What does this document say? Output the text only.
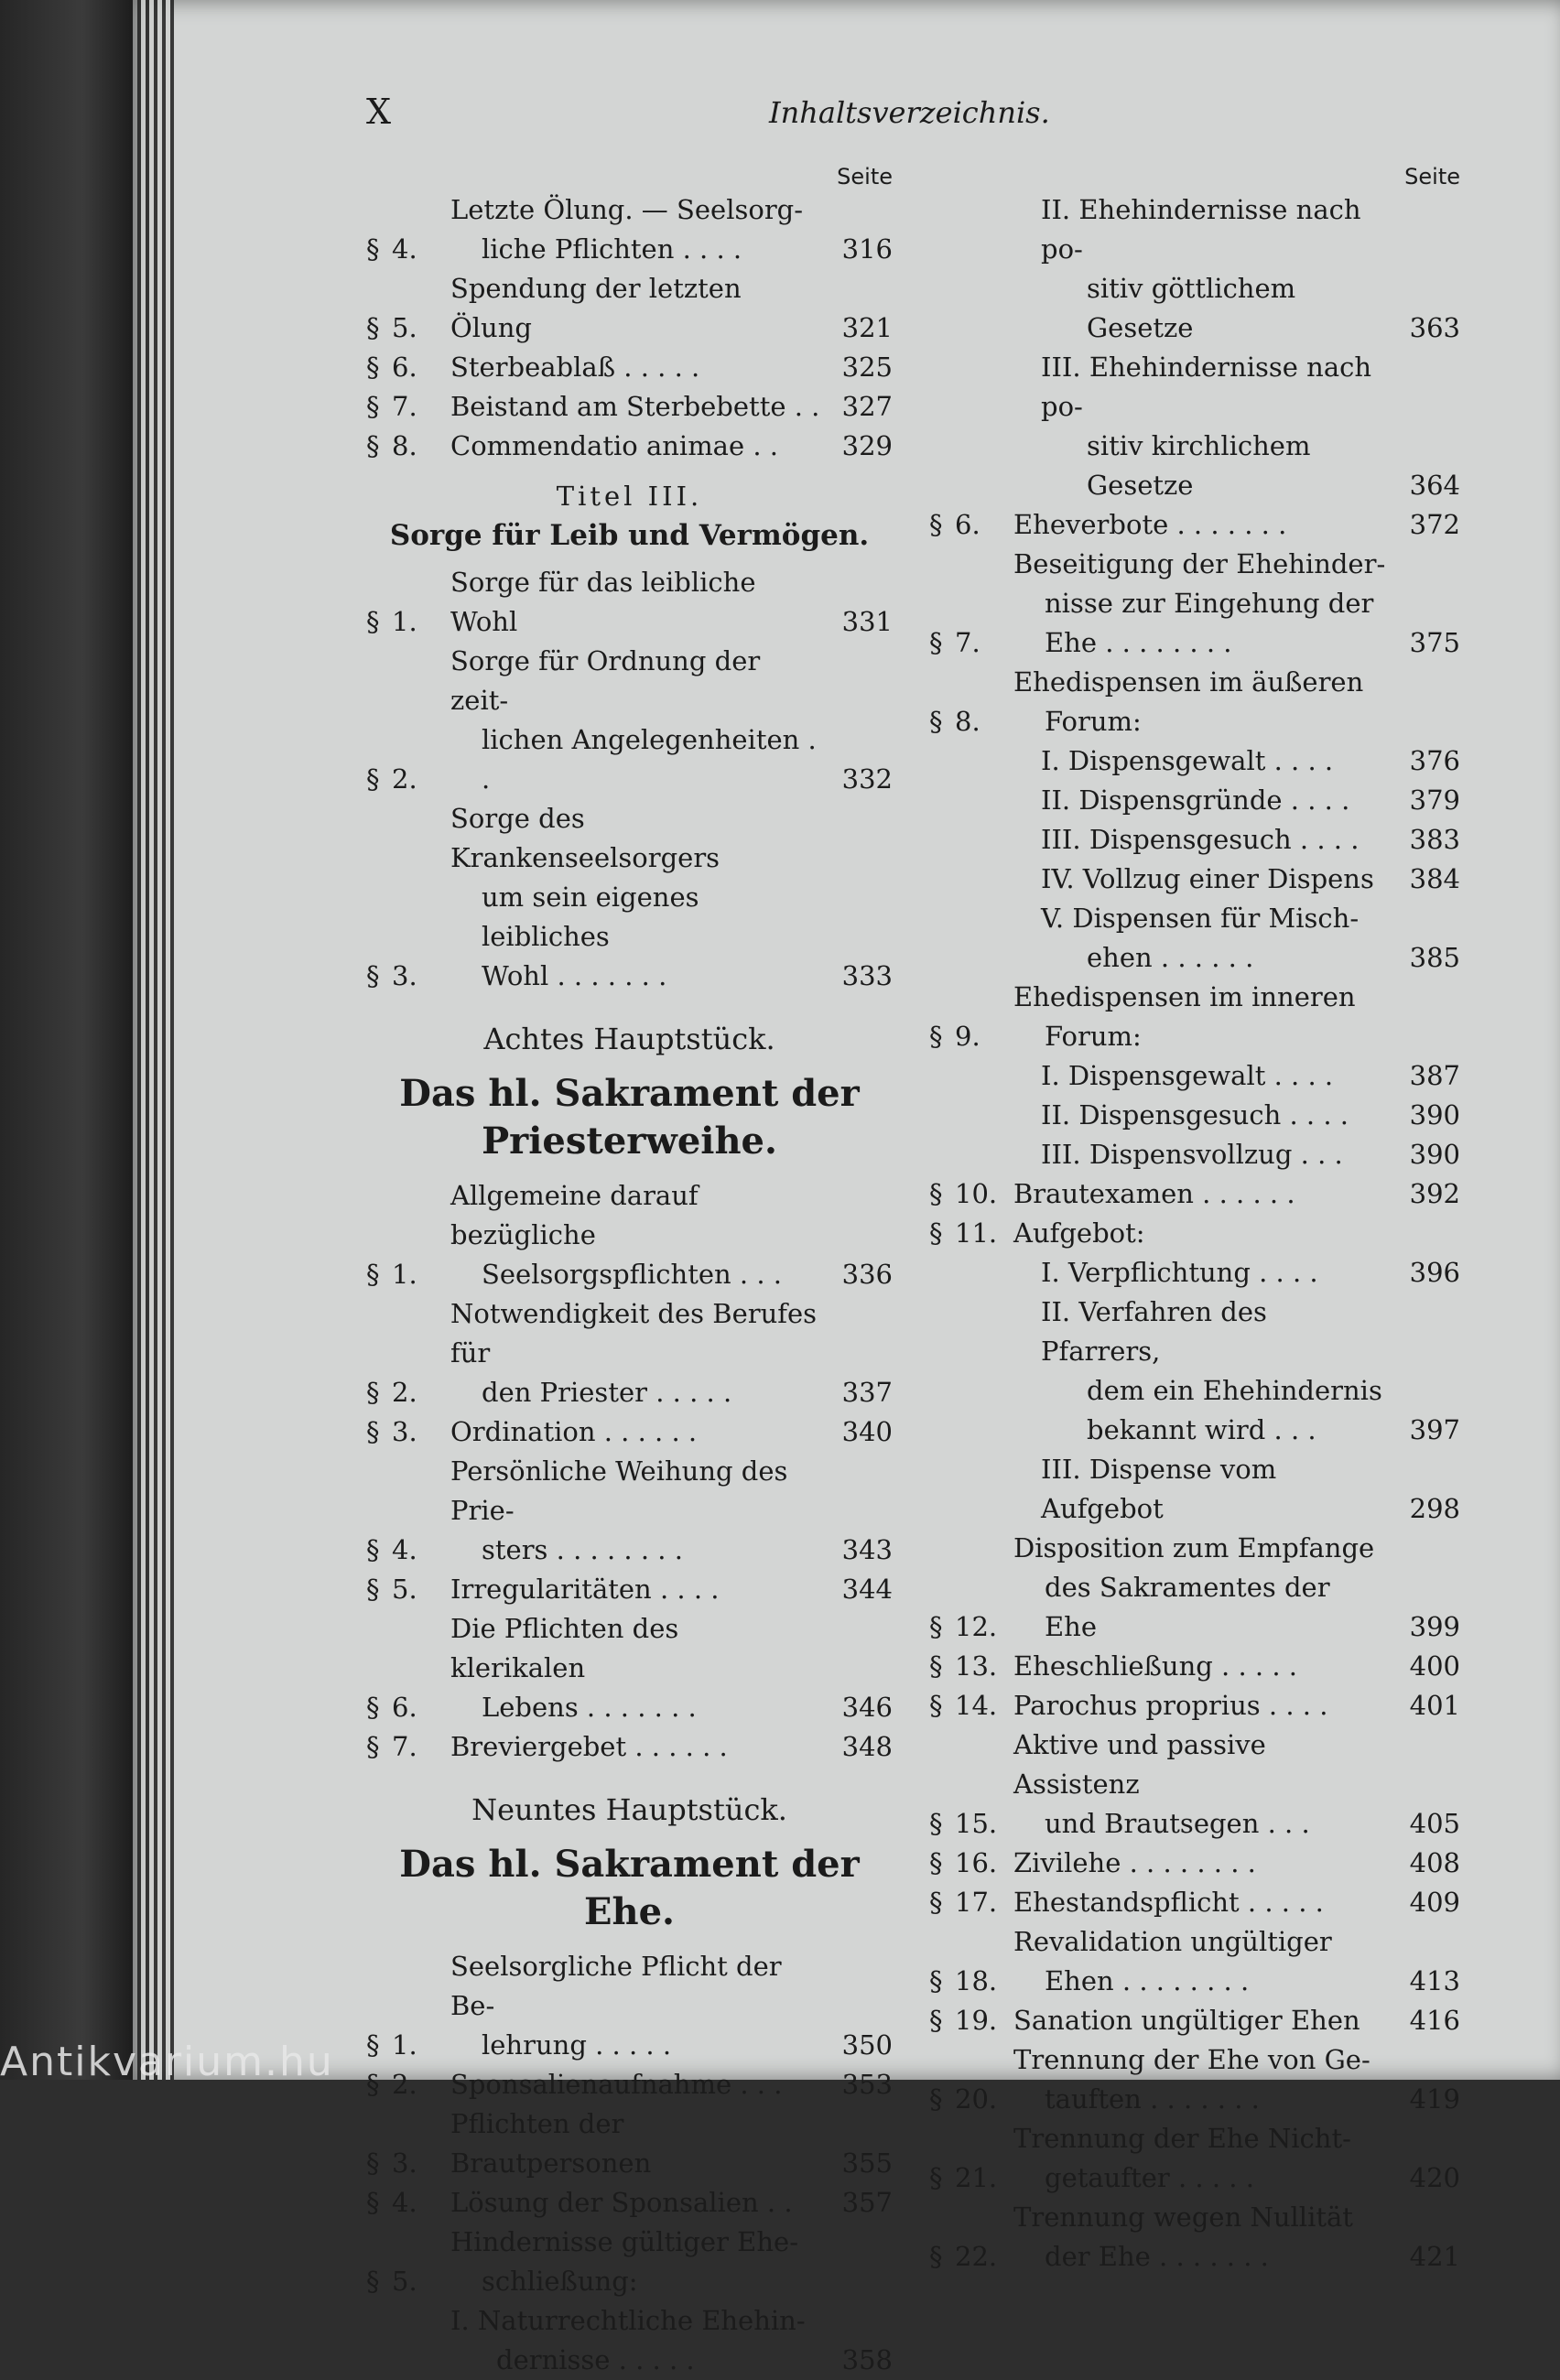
X	Inhaltsverzeichnis.
Seite
§ 4.
Letzte Ölung. — Seelsorg-
liche Pflichten . . . .	316
§ 5.
Spendung der letzten Ölung	321
§ 6.	Sterbeablaß . . . . .	325
§ 7.	Beistand am Sterbebette . . 327
§ 8.	Commendatio animae . .	329
Titel III.
Sorge für Leib und Vermögen.
§ 1.
Sorge für das leibliche Wohl	331
§ 2.
Sorge für Ordnung der zeit-
lichen Angelegenheiten . .	332
§ 3.
Sorge des Krankenseelsorgers
um sein eigenes leibliches
Wohl . . . . . . .	333
Achtes Hauptstück.
Das hl. Sakrament der Priesterweihe.
§ 1.
Allgemeine darauf bezügliche
Seelsorgspflichten . . .	336
§ 2.
Notwendigkeit des Berufes für
den Priester . . . . .	337
§ 3.	Ordination . . . . . .	340
§ 4.
Persönliche Weihung des Prie-
sters . . . . . . . .	343
§ 5.	Irregularitäten . . . .	344
§ 6.
Die Pflichten des klerikalen
Lebens . . . . . . .	346
§ 7.	Breviergebet . . . . . .	348
Neuntes Hauptstück.
Das hl. Sakrament der Ehe.
§ 1.
Seelsorgliche Pflicht der Be-
lehrung . . . . .	350
§ 2.	Sponsalienaufnahme . . .	353
§ 3.
Pflichten der Brautpersonen	355
§ 4.	Lösung der Sponsalien . .	357
§ 5.
Hindernisse gültiger Ehe-
schließung:
I. Naturrechtliche Ehehin-
dernisse . . . . .	358
Seite
II. Ehehindernisse nach po-
sitiv göttlichem Gesetze	363
III. Ehehindernisse nach po-
sitiv kirchlichem Gesetze	364
§ 6.	Eheverbote . . . . . . .	372
§ 7.
Beseitigung der Ehehinder-
nisse zur Eingehung der
Ehe . . . . . . . .	375
§ 8.
Ehedispensen im äußeren
Forum:
I. Dispensgewalt . . . .	376
II. Dispensgründe . . . .	379
III. Dispensgesuch . . . .	383
IV. Vollzug einer Dispens	384
V. Dispensen für Misch-
ehen . . . . . .	385
§ 9.
Ehedispensen im inneren
Forum:
I. Dispensgewalt . . . .	387
II. Dispensgesuch . . . .	390
III. Dispensvollzug . . .	390
§ 10. Brautexamen . . . . . .	392
§ 11. Aufgebot:
I. Verpflichtung . . . .	396
II. Verfahren des Pfarrers,
dem ein Ehehindernis
bekannt wird . . .	397
III. Dispense vom Aufgebot	298
§ 12.
Disposition zum Empfange
des Sakramentes der Ehe	399
§ 13. Eheschließung . . . . .	400
§ 14. Parochus proprius . . . .	401
§ 15.
Aktive und passive Assistenz
und Brautsegen . . .	405
§ 16. Zivilehe . . . . . . . .	408
§ 17. Ehestandspflicht . . . . .	409
§ 18.
Revalidation ungültiger
Ehen . . . . . . . .	413
§ 19. Sanation ungültiger Ehen	416
§ 20.
Trennung der Ehe von Ge-
tauften . . . . . . .	419
§ 21.
Trennung der Ehe Nicht-
getaufter . . . . .	420
§ 22.
Trennung wegen Nullität
der Ehe . . . . . . .	421
Antikvarium.hu
